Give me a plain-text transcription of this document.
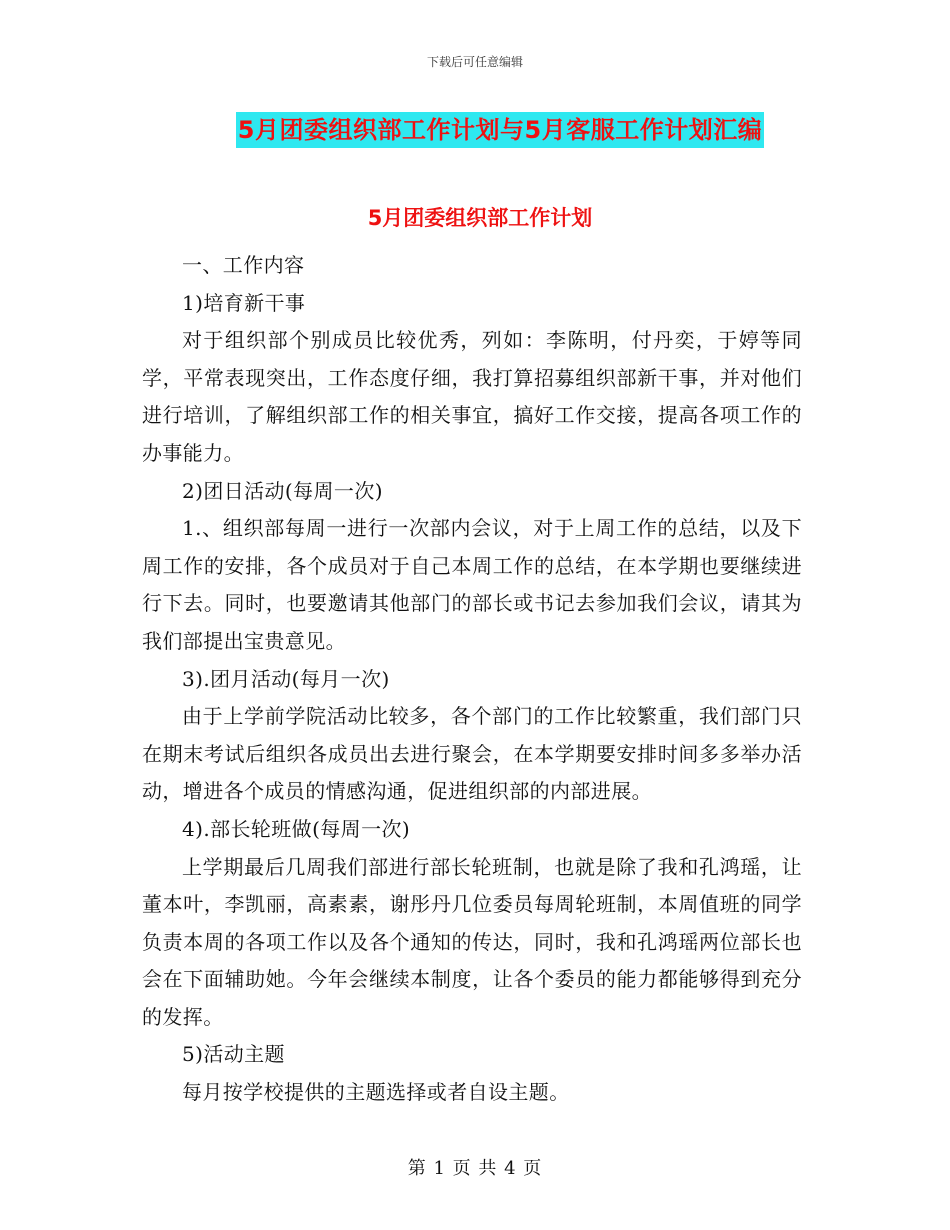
下载后可任意编辑
5月团委组织部工作计划与5月客服工作计划汇编
5月团委组织部工作计划

一、工作内容

1)培育新干事

对于组织部个别成员比较优秀，列如：李陈明，付丹奕，于婷等同学，平常表现突出，工作态度仔细，我打算招募组织部新干事，并对他们进行培训，了解组织部工作的相关事宜，搞好工作交接，提高各项工作的办事能力。

2)团日活动(每周一次)

1.、组织部每周一进行一次部内会议，对于上周工作的总结，以及下周工作的安排，各个成员对于自己本周工作的总结，在本学期也要继续进行下去。同时，也要邀请其他部门的部长或书记去参加我们会议，请其为我们部提出宝贵意见。

3).团月活动(每月一次)

由于上学前学院活动比较多，各个部门的工作比较繁重，我们部门只在期末考试后组织各成员出去进行聚会，在本学期要安排时间多多举办活动，增进各个成员的情感沟通，促进组织部的内部进展。

4).部长轮班做(每周一次)

上学期最后几周我们部进行部长轮班制，也就是除了我和孔鸿瑶，让董本叶，李凯丽，高素素，谢彤丹几位委员每周轮班制，本周值班的同学负责本周的各项工作以及各个通知的传达，同时，我和孔鸿瑶两位部长也会在下面辅助她。今年会继续本制度，让各个委员的能力都能够得到充分的发挥。

5)活动主题

每月按学校提供的主题选择或者自设主题。

第 1 页 共 4 页
